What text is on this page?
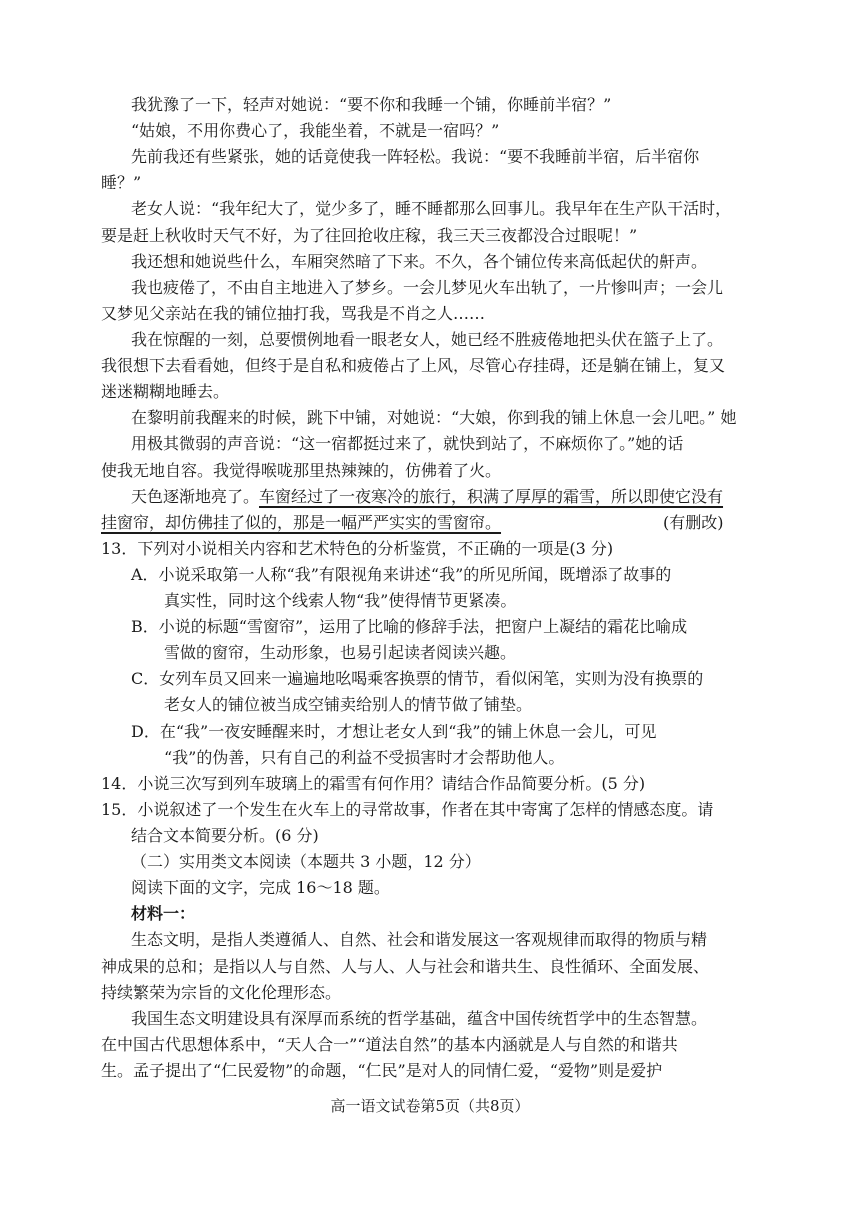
我犹豫了一下，轻声对她说：“要不你和我睡一个铺，你睡前半宿？”
“姑娘，不用你费心了，我能坐着，不就是一宿吗？”
先前我还有些紧张，她的话竟使我一阵轻松。我说：“要不我睡前半宿，后半宿你
睡？”
老女人说：“我年纪大了，觉少多了，睡不睡都那么回事儿。我早年在生产队干活时，
要是赶上秋收时天气不好，为了往回抢收庄稼，我三天三夜都没合过眼呢！”
我还想和她说些什么，车厢突然暗了下来。不久，各个铺位传来高低起伏的鼾声。
我也疲倦了，不由自主地进入了梦乡。一会儿梦见火车出轨了，一片惨叫声；一会儿
又梦见父亲站在我的铺位抽打我，骂我是不肖之人……
我在惊醒的一刻，总要惯例地看一眼老女人，她已经不胜疲倦地把头伏在篮子上了。
我很想下去看看她，但终于是自私和疲倦占了上风，尽管心存挂碍，还是躺在铺上，复又
迷迷糊糊地睡去。
在黎明前我醒来的时候，跳下中铺，对她说：“大娘，你到我的铺上休息一会儿吧。” 她
用极其微弱的声音说：“这一宿都挺过来了，就快到站了，不麻烦你了。”她的话
使我无地自容。我觉得喉咙那里热辣辣的，仿佛着了火。
天色逐渐地亮了。车窗经过了一夜寒冷的旅行，积满了厚厚的霜雪，所以即使它没有
挂窗帘，却仿佛挂了似的，那是一幅严严实实的雪窗帘。	(有删改)
13．下列对小说相关内容和艺术特色的分析鉴赏，不正确的一项是(3 分)
A．小说采取第一人称“我”有限视角来讲述“我”的所见所闻，既增添了故事的
真实性，同时这个线索人物“我”使得情节更紧凑。
B．小说的标题“雪窗帘”，运用了比喻的修辞手法，把窗户上凝结的霜花比喻成
雪做的窗帘，生动形象，也易引起读者阅读兴趣。
C．女列车员又回来一遍遍地吆喝乘客换票的情节，看似闲笔，实则为没有换票的
老女人的铺位被当成空铺卖给别人的情节做了铺垫。
D．在“我”一夜安睡醒来时，才想让老女人到“我”的铺上休息一会儿，可见
“我”的伪善，只有自己的利益不受损害时才会帮助他人。
14．小说三次写到列车玻璃上的霜雪有何作用？请结合作品简要分析。(5 分)
15．小说叙述了一个发生在火车上的寻常故事，作者在其中寄寓了怎样的情感态度。请
结合文本简要分析。(6 分)
（二）实用类文本阅读（本题共 3 小题，12 分）
阅读下面的文字，完成 16～18 题。
材料一：
生态文明，是指人类遵循人、自然、社会和谐发展这一客观规律而取得的物质与精
神成果的总和；是指以人与自然、人与人、人与社会和谐共生、良性循环、全面发展、
持续繁荣为宗旨的文化伦理形态。
我国生态文明建设具有深厚而系统的哲学基础，蕴含中国传统哲学中的生态智慧。
在中国古代思想体系中，“天人合一”“道法自然”的基本内涵就是人与自然的和谐共
生。孟子提出了“仁民爱物”的命题，“仁民”是对人的同情仁爱，“爱物”则是爱护
高一语文试卷第5页（共8页）
